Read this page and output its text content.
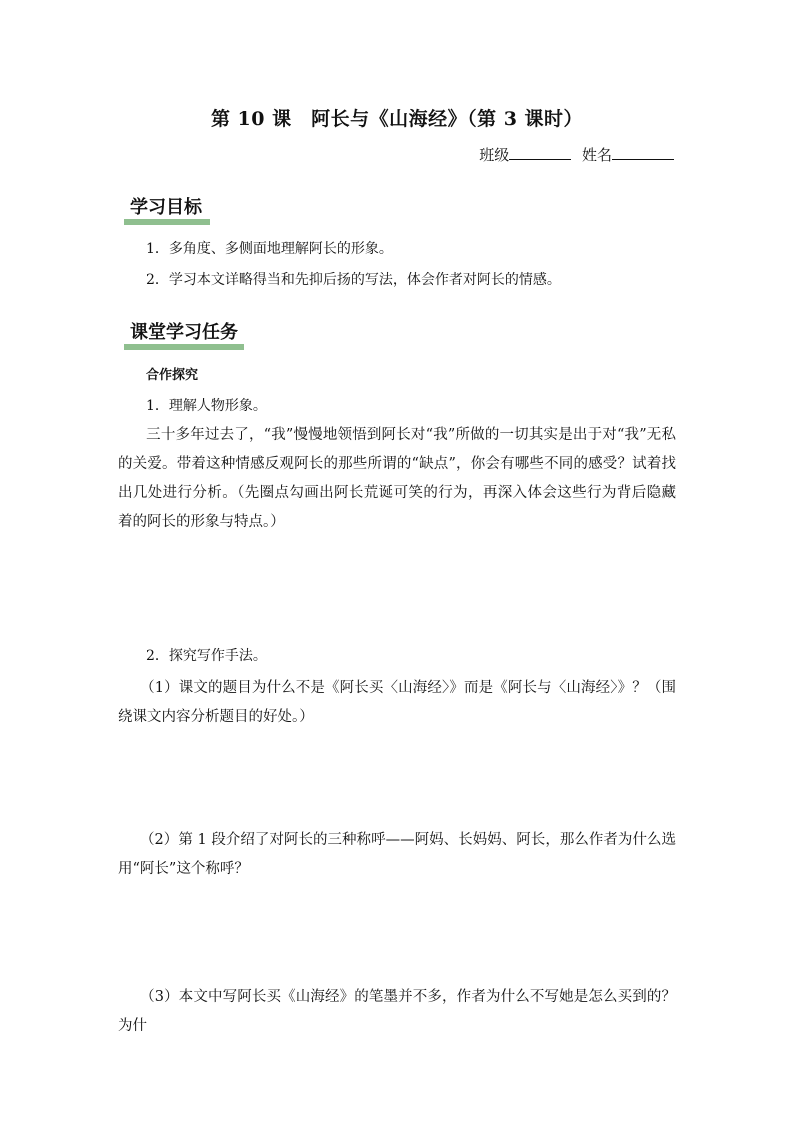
第 10 课　阿长与《山海经》（第 3 课时）
班级	姓名
学习目标
1．多角度、多侧面地理解阿长的形象。
2．学习本文详略得当和先抑后扬的写法，体会作者对阿长的情感。
课堂学习任务
合作探究
1．理解人物形象。
三十多年过去了，“我”慢慢地领悟到阿长对“我”所做的一切其实是出于对“我”无私的关爱。带着这种情感反观阿长的那些所谓的“缺点”，你会有哪些不同的感受？试着找出几处进行分析。（先圈点勾画出阿长荒诞可笑的行为，再深入体会这些行为背后隐藏着的阿长的形象与特点。）
2．探究写作手法。
（1）课文的题目为什么不是《阿长买〈山海经〉》而是《阿长与〈山海经〉》？（围绕课文内容分析题目的好处。）
（2）第 1 段介绍了对阿长的三种称呼——阿妈、长妈妈、阿长，那么作者为什么选用“阿长”这个称呼？
（3）本文中写阿长买《山海经》的笔墨并不多，作者为什么不写她是怎么买到的？为什
